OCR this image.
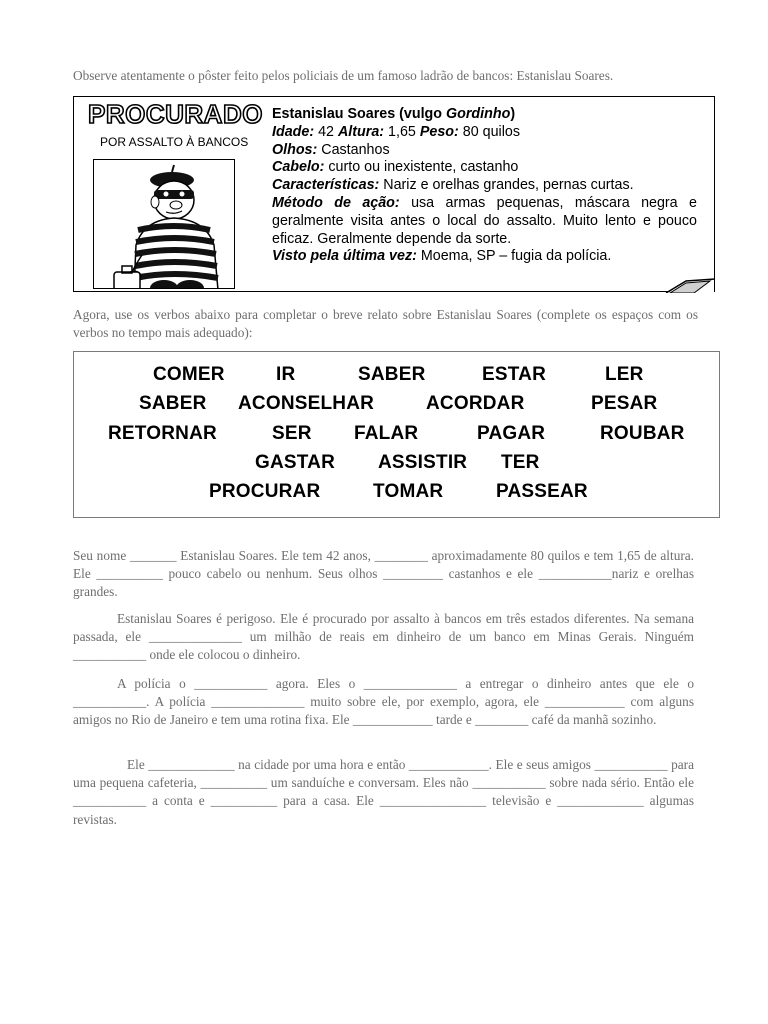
Observe atentamente o pôster feito pelos policiais de um famoso ladrão de bancos: Estanislau Soares.

PROCURADO
POR ASSALTO À BANCOS
Estanislau Soares (vulgo Gordinho)
Idade: 42 Altura: 1,65 Peso: 80 quilos
Olhos: Castanhos
Cabelo: curto ou inexistente, castanho
Características: Nariz e orelhas grandes, pernas curtas.
Método de ação: usa armas pequenas, máscara negra e geralmente visita antes o local do assalto. Muito lento e pouco eficaz. Geralmente depende da sorte.
Visto pela última vez: Moema, SP – fugia da polícia.

Agora, use os verbos abaixo para completar o breve relato sobre Estanislau Soares (complete os espaços com os verbos no tempo mais adequado):

COMER	IR	SABER	ESTAR	LER
SABER ACONSELHAR	ACORDAR	PESAR
RETORNAR	SER FALAR	PAGAR	ROUBAR
GASTAR ASSISTIR TER
PROCURAR	TOMAR	PASSEAR

Seu nome _______ Estanislau Soares. Ele tem 42 anos, ________ aproximadamente 80 quilos e tem 1,65 de altura. Ele __________ pouco cabelo ou nenhum. Seus olhos _________ castanhos e ele ___________nariz e orelhas grandes.

Estanislau Soares é perigoso. Ele é procurado por assalto à bancos em três estados diferentes. Na semana passada, ele ______________ um milhão de reais em dinheiro de um banco em Minas Gerais. Ninguém ___________ onde ele colocou o dinheiro.

A polícia o ___________ agora. Eles o ______________ a entregar o dinheiro antes que ele o ___________. A polícia ______________ muito sobre ele, por exemplo, agora, ele ____________ com alguns amigos no Rio de Janeiro e tem uma rotina fixa. Ele ____________ tarde e ________ café da manhã sozinho.

Ele _____________ na cidade por uma hora e então ____________. Ele e seus amigos ___________ para uma pequena cafeteria, __________ um sanduíche e conversam. Eles não ___________ sobre nada sério. Então ele ___________ a conta e __________ para a casa. Ele ________________ televisão e _____________ algumas revistas.
